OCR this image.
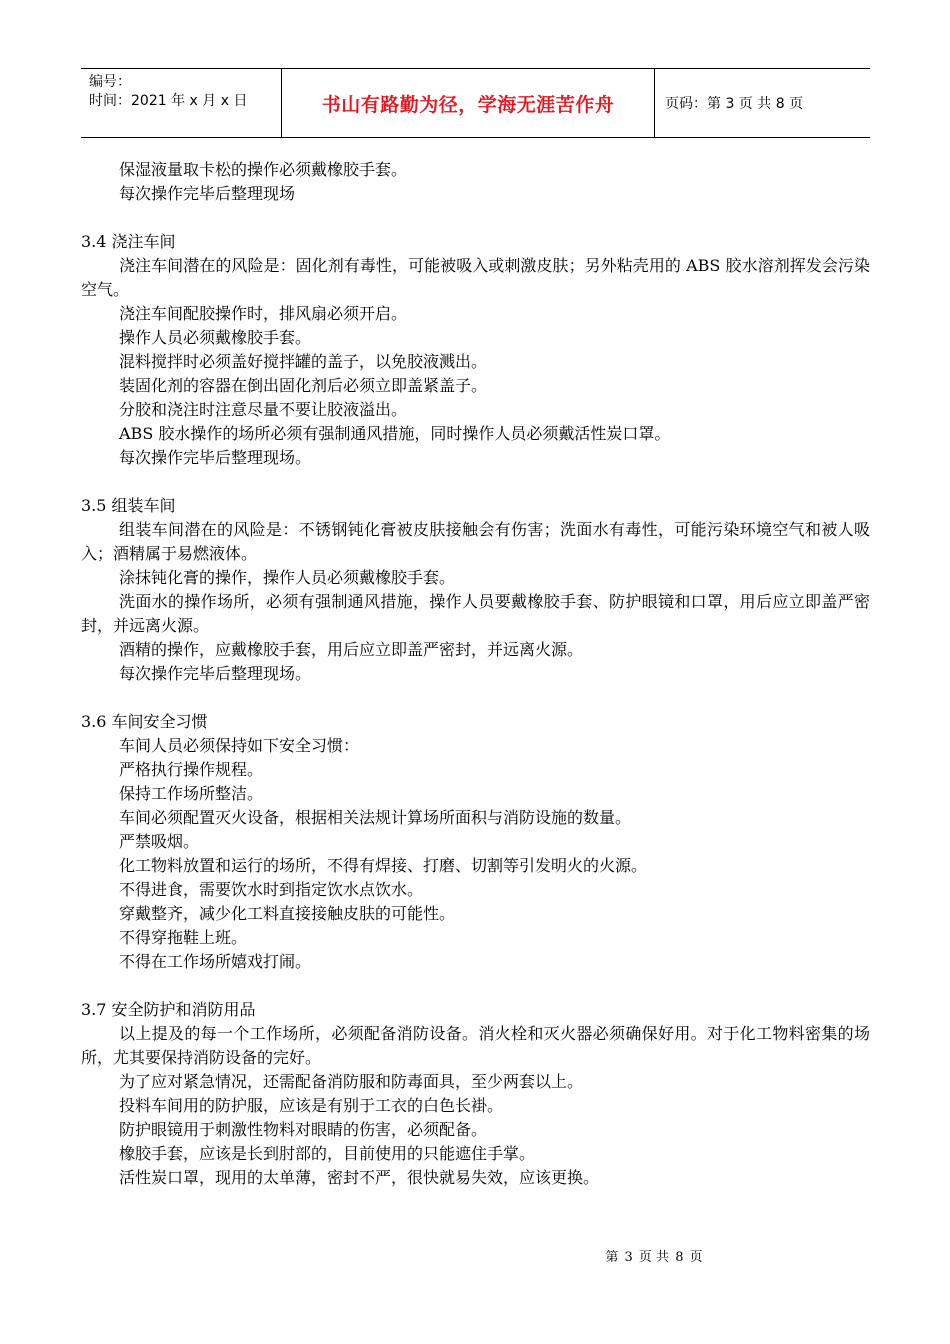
编号：
时间：2021 年 x 月 x 日	书山有路勤为径，学海无涯苦作舟	页码：第 3 页 共 8 页
保湿液量取卡松的操作必须戴橡胶手套。
每次操作完毕后整理现场
3.4 浇注车间
浇注车间潜在的风险是：固化剂有毒性，可能被吸入或刺激皮肤；另外粘壳用的 ABS 胶水溶剂挥发会污染空气。
浇注车间配胶操作时，排风扇必须开启。
操作人员必须戴橡胶手套。
混料搅拌时必须盖好搅拌罐的盖子，以免胶液溅出。
装固化剂的容器在倒出固化剂后必须立即盖紧盖子。
分胶和浇注时注意尽量不要让胶液溢出。
ABS 胶水操作的场所必须有强制通风措施，同时操作人员必须戴活性炭口罩。
每次操作完毕后整理现场。
3.5 组装车间
组装车间潜在的风险是：不锈钢钝化膏被皮肤接触会有伤害；洗面水有毒性，可能污染环境空气和被人吸入；酒精属于易燃液体。
涂抹钝化膏的操作，操作人员必须戴橡胶手套。
洗面水的操作场所，必须有强制通风措施，操作人员要戴橡胶手套、防护眼镜和口罩，用后应立即盖严密封，并远离火源。
酒精的操作，应戴橡胶手套，用后应立即盖严密封，并远离火源。
每次操作完毕后整理现场。
3.6 车间安全习惯
车间人员必须保持如下安全习惯：
严格执行操作规程。
保持工作场所整洁。
车间必须配置灭火设备，根据相关法规计算场所面积与消防设施的数量。
严禁吸烟。
化工物料放置和运行的场所，不得有焊接、打磨、切割等引发明火的火源。
不得进食，需要饮水时到指定饮水点饮水。
穿戴整齐，减少化工料直接接触皮肤的可能性。
不得穿拖鞋上班。
不得在工作场所嬉戏打闹。
3.7 安全防护和消防用品
以上提及的每一个工作场所，必须配备消防设备。消火栓和灭火器必须确保好用。对于化工物料密集的场所，尤其要保持消防设备的完好。
为了应对紧急情况，还需配备消防服和防毒面具，至少两套以上。
投料车间用的防护服，应该是有别于工衣的白色长褂。
防护眼镜用于刺激性物料对眼睛的伤害，必须配备。
橡胶手套，应该是长到肘部的，目前使用的只能遮住手掌。
活性炭口罩，现用的太单薄，密封不严，很快就易失效，应该更换。
第 3 页 共 8 页
